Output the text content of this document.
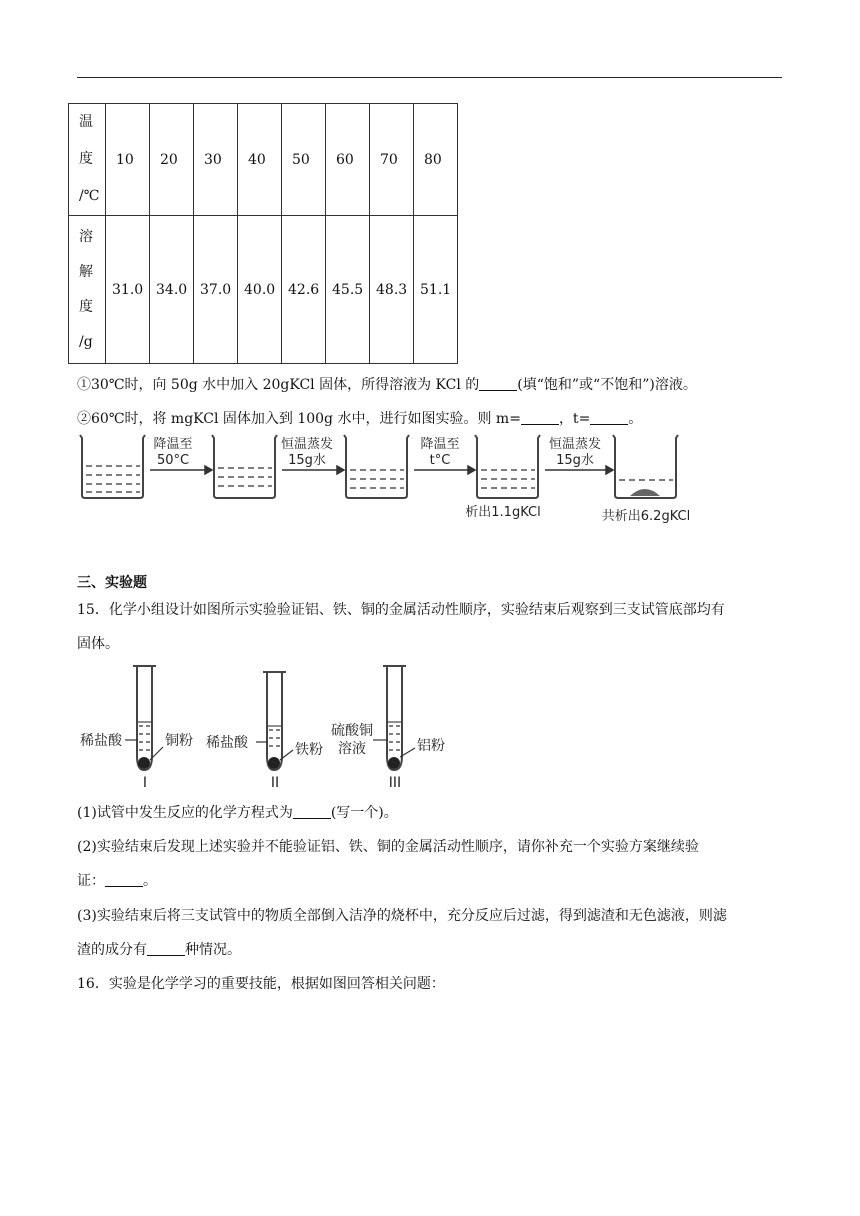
温
度
/℃	10	20	30	40	50	60	70	80

溶
解
度
/g	31.0	34.0	37.0	40.0	42.6	45.5	48.3	51.1
①30℃时，向 50g 水中加入 20gKCl 固体，所得溶液为 KCl 的	(填“饱和”或“不饱和”)溶液。
②60℃时，将 mgKCl 固体加入到 100g 水中，进行如图实验。则 m=	，t=	。
降温至
50°C
恒温蒸发
15g水
降温至
t°C
恒温蒸发
15g水
析出1.1gKCl	共析出6.2gKCl
三、实验题
15．化学小组设计如图所示实验验证铝、铁、铜的金属活动性顺序，实验结束后观察到三支试管底部均有
固体。
稀盐酸	铜粉 稀盐酸	铁粉
硫酸铜
溶液	铝粉
I	II	III
(1)试管中发生反应的化学方程式为	(写一个)。
(2)实验结束后发现上述实验并不能验证铝、铁、铜的金属活动性顺序，请你补充一个实验方案继续验
证：	。
(3)实验结束后将三支试管中的物质全部倒入洁净的烧杯中，充分反应后过滤，得到滤渣和无色滤液，则滤
渣的成分有	种情况。
16．实验是化学学习的重要技能，根据如图回答相关问题：
